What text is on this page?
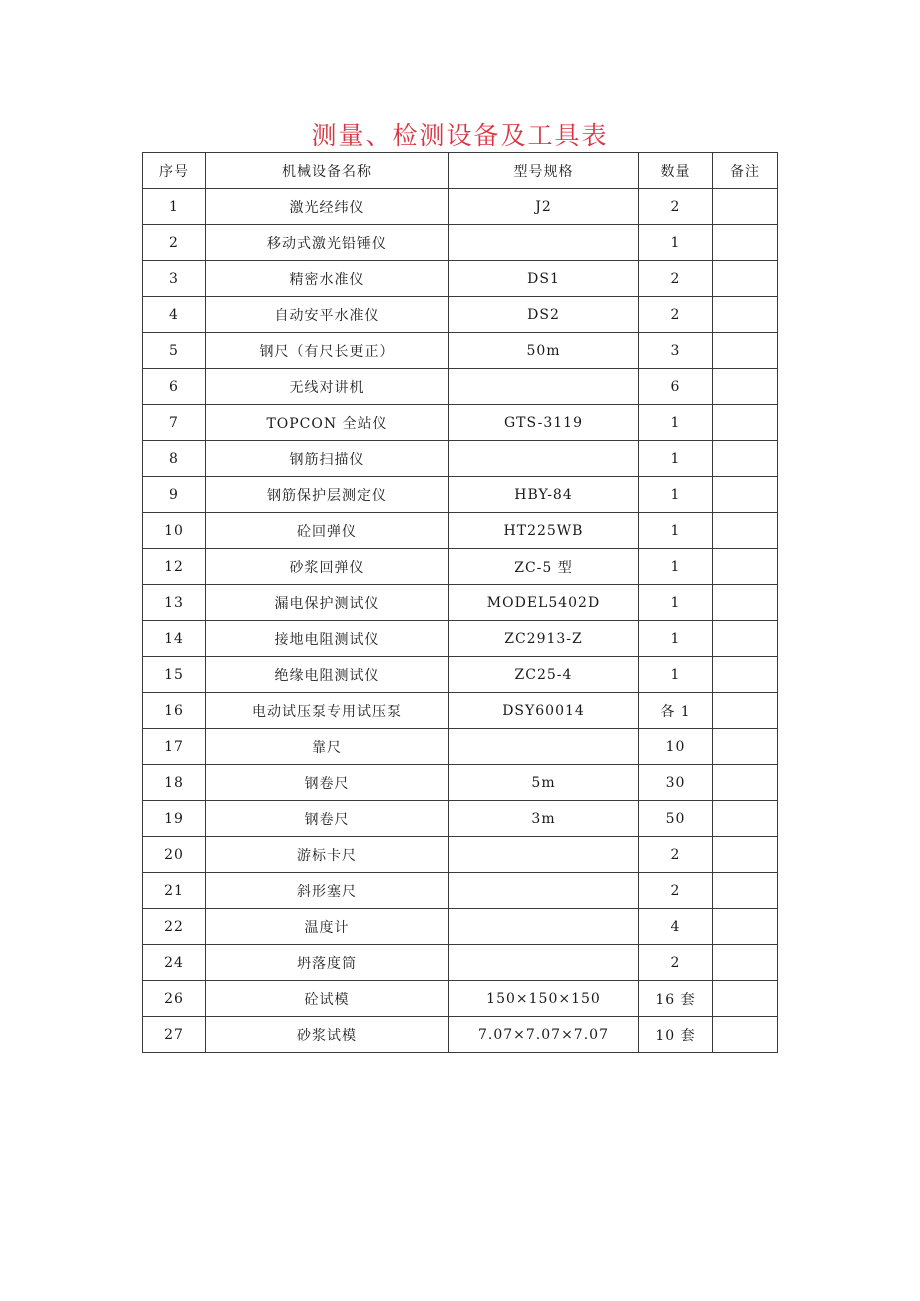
测量、检测设备及工具表
序号	机械设备名称	型号规格	数量	备注
1	激光经纬仪	J2	2	
2	移动式激光铅锤仪		1	
3	精密水准仪	DS1	2	
4	自动安平水准仪	DS2	2	
5	钢尺（有尺长更正）	50m	3	
6	无线对讲机		6	
7	TOPCON 全站仪	GTS-3119	1	
8	钢筋扫描仪		1	
9	钢筋保护层测定仪	HBY-84	1	
10	砼回弹仪	HT225WB	1	
12	砂浆回弹仪	ZC-5 型	1	
13	漏电保护测试仪	MODEL5402D	1	
14	接地电阻测试仪	ZC2913-Z	1	
15	绝缘电阻测试仪	ZC25-4	1	
16	电动试压泵专用试压泵	DSY60014	各 1	
17	靠尺		10	
18	钢卷尺	5m	30	
19	钢卷尺	3m	50	
20	游标卡尺		2	
21	斜形塞尺		2	
22	温度计		4	
24	坍落度筒		2	
26	砼试模	150×150×150	16 套	
27	砂浆试模	7.07×7.07×7.07	10 套	
